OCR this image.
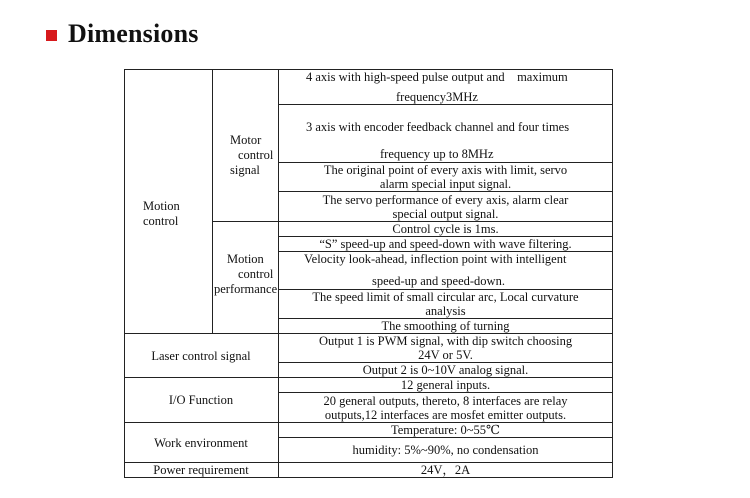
Dimensions
Motion
control
Laser control signal
I/O Function
Work environment
Power requirement
Motor
control
signal
Motion
control
performance
4 axis with high-speed pulse output and    maximum
frequency3MHz
3 axis with encoder feedback channel and four times
frequency up to 8MHz
The original point of every axis with limit, servo
alarm special input signal.
The servo performance of every axis, alarm clear
special output signal.
Control cycle is 1ms.
“S” speed-up and speed-down with wave filtering.
Velocity look-ahead, inflection point with intelligent
speed-up and speed-down.
The speed limit of small circular arc, Local curvature
analysis
The smoothing of turning
Output 1 is PWM signal, with dip switch choosing
24V or 5V.
Output 2 is 0~10V analog signal.
12 general inputs.
20 general outputs, thereto, 8 interfaces are relay
outputs,12 interfaces are mosfet emitter outputs.
Temperature: 0~55℃
humidity: 5%~90%, no condensation
24V，2A
